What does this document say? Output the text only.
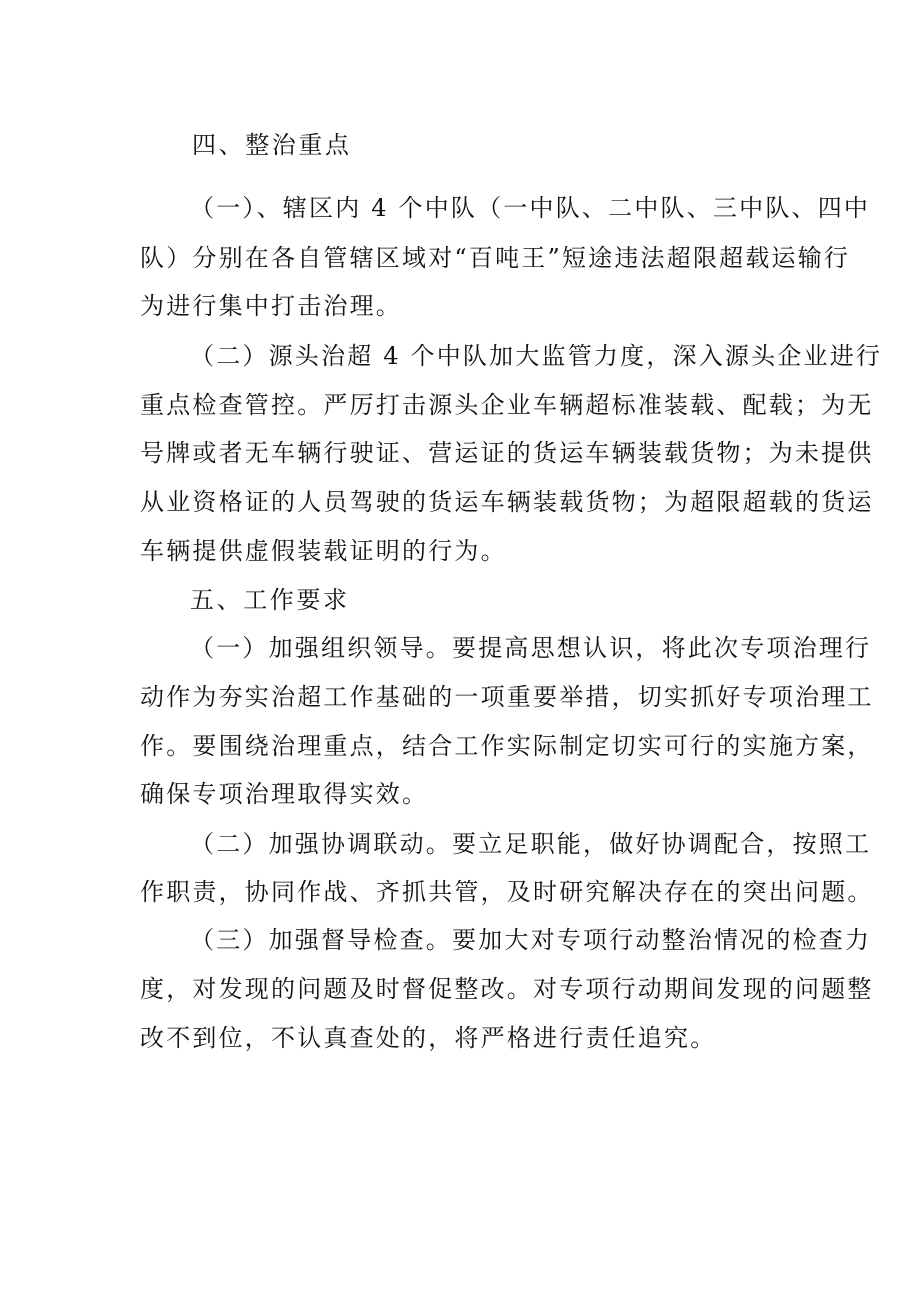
四、整治重点
（一）、辖区内 4 个中队（一中队、二中队、三中队、四中
队）分别在各自管辖区域对“百吨王”短途违法超限超载运输行
为进行集中打击治理。
（二）源头治超 4 个中队加大监管力度，深入源头企业进行
重点检查管控。严厉打击源头企业车辆超标准装载、配载；为无
号牌或者无车辆行驶证、营运证的货运车辆装载货物；为未提供
从业资格证的人员驾驶的货运车辆装载货物；为超限超载的货运
车辆提供虚假装载证明的行为。
五、工作要求
（一）加强组织领导。要提高思想认识，将此次专项治理行
动作为夯实治超工作基础的一项重要举措，切实抓好专项治理工
作。要围绕治理重点，结合工作实际制定切实可行的实施方案，
确保专项治理取得实效。
（二）加强协调联动。要立足职能，做好协调配合，按照工
作职责，协同作战、齐抓共管，及时研究解决存在的突出问题。
（三）加强督导检查。要加大对专项行动整治情况的检查力
度，对发现的问题及时督促整改。对专项行动期间发现的问题整
改不到位，不认真查处的，将严格进行责任追究。
